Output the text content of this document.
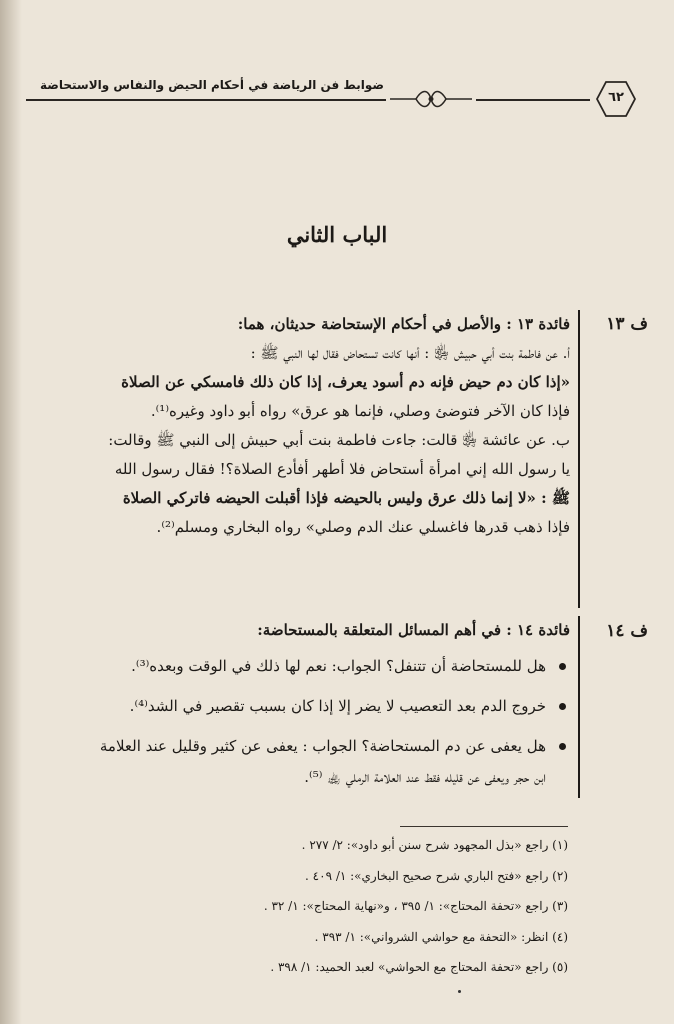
ضوابط فن الرياضة في أحكام الحيض والنفاس والاستحاضة
٦٢
الباب الثاني
ف ١٣

فائدة ١٣ : والأصل في أحكام الإستحاضة حديثان، هما:

أ. عن فاطمة بنت أبي حبيش ﵂ : أنها كانت تستحاض فقال لها النبي ﷺ :

«إذا كان دم حيض فإنه دم أسود يعرف، إذا كان ذلك فامسكي عن الصلاة

فإذا كان الآخر فتوضئ وصلي، فإنما هو عرق» رواه أبو داود وغيره⁽¹⁾.

ب. عن عائشة ﵂ قالت: جاءت فاطمة بنت أبي حبيش إلى النبي ﷺ وقالت:

يا رسول الله إني امرأة أستحاض فلا أطهر أفأدع الصلاة؟! فقال رسول الله

ﷺ : «لا إنما ذلك عرق وليس بالحيضه فإذا أقبلت الحيضه فاتركي الصلاة

فإذا ذهب قدرها فاغسلي عنك الدم وصلي» رواه البخاري ومسلم⁽²⁾.

ف ١٤

فائدة ١٤ : في أهم المسائل المتعلقة بالمستحاضة:

هل للمستحاضة أن تتنفل؟ الجواب: نعم لها ذلك في الوقت وبعده⁽³⁾.
خروج الدم بعد التعصيب لا يضر إلا إذا كان بسبب تقصير في الشد⁽⁴⁾.
هل يعفى عن دم المستحاضة؟ الجواب : يعفى عن كثير وقليل عند العلامة
ابن حجر ويعفى عن قليله فقط عند العلامة الرملي ﵀ ⁽⁵⁾.
(١) راجع «بذل المجهود شرح سنن أبو داود»: ٢/ ٢٧٧ .
(٢) راجع «فتح الباري شرح صحيح البخاري»: ١/ ٤٠٩ .
(٣) راجع «تحفة المحتاج»: ١/ ٣٩٥ ، و«نهاية المحتاج»: ١/ ٣٢ .
(٤) انظر: «التحفة مع حواشي الشرواني»: ١/ ٣٩٣ .
(٥) راجع «تحفة المحتاج مع الحواشي» لعبد الحميد: ١/ ٣٩٨ .
